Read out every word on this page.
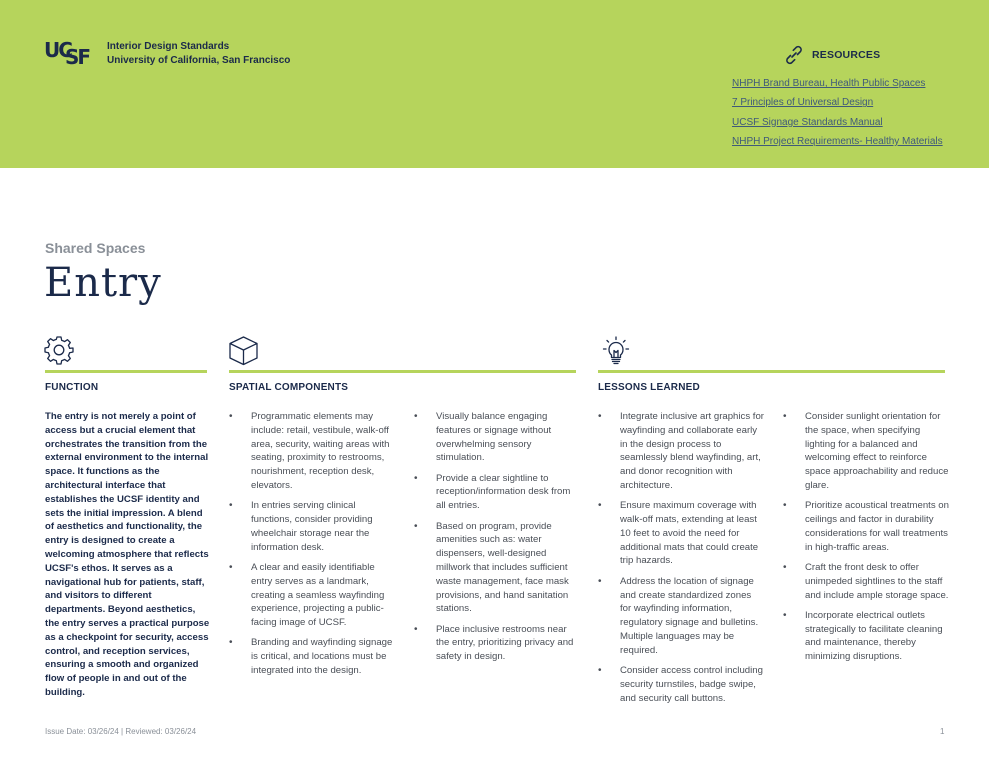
UC
SF Interior Design Standards
University of California, San Francisco	RESOURCES
NHPH Brand Bureau, Health Public Spaces
7 Principles of Universal Design
UCSF Signage Standards Manual
NHPH Project Requirements- Healthy Materials
Shared Spaces
Entry
FUNCTION
The entry is not merely a point of access but a crucial element that orchestrates the transition from the external environment to the internal space. It functions as the architectural interface that establishes the UCSF identity and sets the initial impression. A blend of aesthetics and functionality, the entry is designed to create a welcoming atmosphere that reflects UCSF's ethos. It serves as a navigational hub for patients, staff, and visitors to different departments. Beyond aesthetics, the entry serves a practical purpose as a checkpoint for security, access control, and reception services, ensuring a smooth and organized flow of people in and out of the building.
SPATIAL COMPONENTS
• Programmatic elements may include: retail, vestibule, walk-off area, security, waiting areas with seating, proximity to restrooms, nourishment, reception desk, elevators.
• In entries serving clinical functions, consider providing wheelchair storage near the information desk.
• A clear and easily identifiable entry serves as a landmark, creating a seamless wayfinding experience, projecting a public-facing image of UCSF.
• Branding and wayfinding signage is critical, and locations must be integrated into the design.
• Visually balance engaging features or signage without overwhelming sensory stimulation.
• Provide a clear sightline to reception/information desk from all entries.
• Based on program, provide amenities such as: water dispensers, well-designed millwork that includes sufficient waste management, face mask provisions, and hand sanitation stations.
• Place inclusive restrooms near the entry, prioritizing privacy and safety in design.
LESSONS LEARNED
• Integrate inclusive art graphics for wayfinding and collaborate early in the design process to seamlessly blend wayfinding, art, and donor recognition with architecture.
• Ensure maximum coverage with walk-off mats, extending at least 10 feet to avoid the need for additional mats that could create trip hazards.
• Address the location of signage and create standardized zones for wayfinding information, regulatory signage and bulletins. Multiple languages may be required.
• Consider access control including security turnstiles, badge swipe, and security call buttons.
• Consider sunlight orientation for the space, when specifying lighting for a balanced and welcoming effect to reinforce space approachability and reduce glare.
• Prioritize acoustical treatments on ceilings and factor in durability considerations for wall treatments in high-traffic areas.
• Craft the front desk to offer unimpeded sightlines to the staff and include ample storage space.
• Incorporate electrical outlets strategically to facilitate cleaning and maintenance, thereby minimizing disruptions.
Issue Date: 03/26/24 | Reviewed: 03/26/24	1
